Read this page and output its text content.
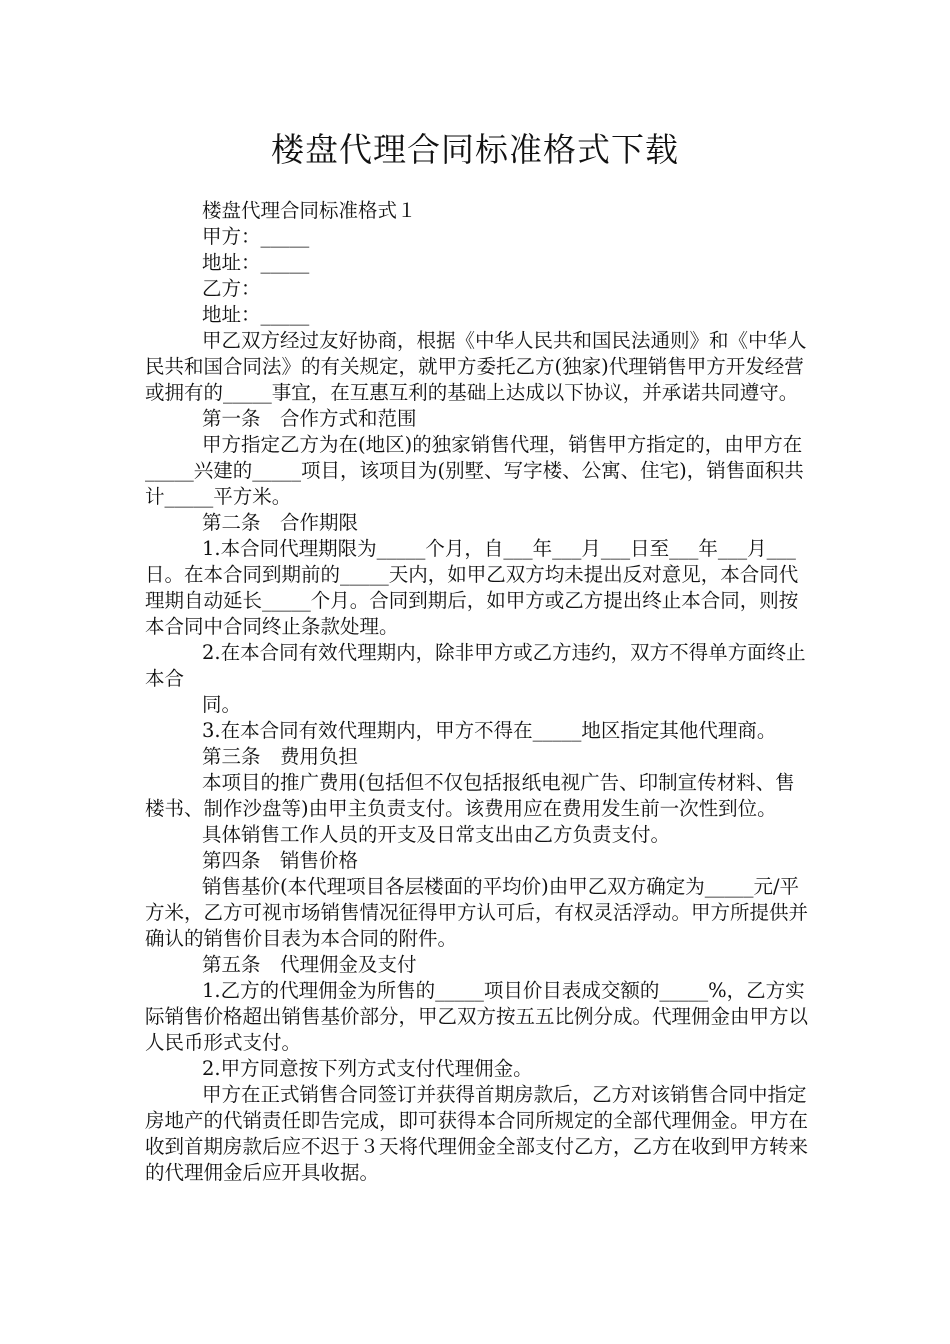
楼盘代理合同标准格式下载

楼盘代理合同标准格式１

甲方：_____

地址：_____

乙方：

地址：_____

甲乙双方经过友好协商，根据《中华人民共和国民法通则》和《中华人民共和国合同法》的有关规定，就甲方委托乙方(独家)代理销售甲方开发经营或拥有的_____事宜，在互惠互利的基础上达成以下协议，并承诺共同遵守。

第一条　合作方式和范围

甲方指定乙方为在(地区)的独家销售代理，销售甲方指定的，由甲方在_____兴建的_____项目，该项目为(别墅、写字楼、公寓、住宅)，销售面积共计_____平方米。

第二条　合作期限

1.本合同代理期限为_____个月，自___年___月___日至___年___月___日。在本合同到期前的_____天内，如甲乙双方均未提出反对意见，本合同代理期自动延长_____个月。合同到期后，如甲方或乙方提出终止本合同，则按本合同中合同终止条款处理。

2.在本合同有效代理期内，除非甲方或乙方违约，双方不得单方面终止本合

同。

3.在本合同有效代理期内，甲方不得在_____地区指定其他代理商。

第三条　费用负担

本项目的推广费用(包括但不仅包括报纸电视广告、印制宣传材料、售楼书、制作沙盘等)由甲主负责支付。该费用应在费用发生前一次性到位。

具体销售工作人员的开支及日常支出由乙方负责支付。

第四条　销售价格

销售基价(本代理项目各层楼面的平均价)由甲乙双方确定为_____元/平方米，乙方可视市场销售情况征得甲方认可后，有权灵活浮动。甲方所提供并确认的销售价目表为本合同的附件。

第五条　代理佣金及支付

1.乙方的代理佣金为所售的_____项目价目表成交额的_____%，乙方实际销售价格超出销售基价部分，甲乙双方按五五比例分成。代理佣金由甲方以人民币形式支付。

2.甲方同意按下列方式支付代理佣金。

甲方在正式销售合同签订并获得首期房款后，乙方对该销售合同中指定房地产的代销责任即告完成，即可获得本合同所规定的全部代理佣金。甲方在收到首期房款后应不迟于３天将代理佣金全部支付乙方，乙方在收到甲方转来的代理佣金后应开具收据。
